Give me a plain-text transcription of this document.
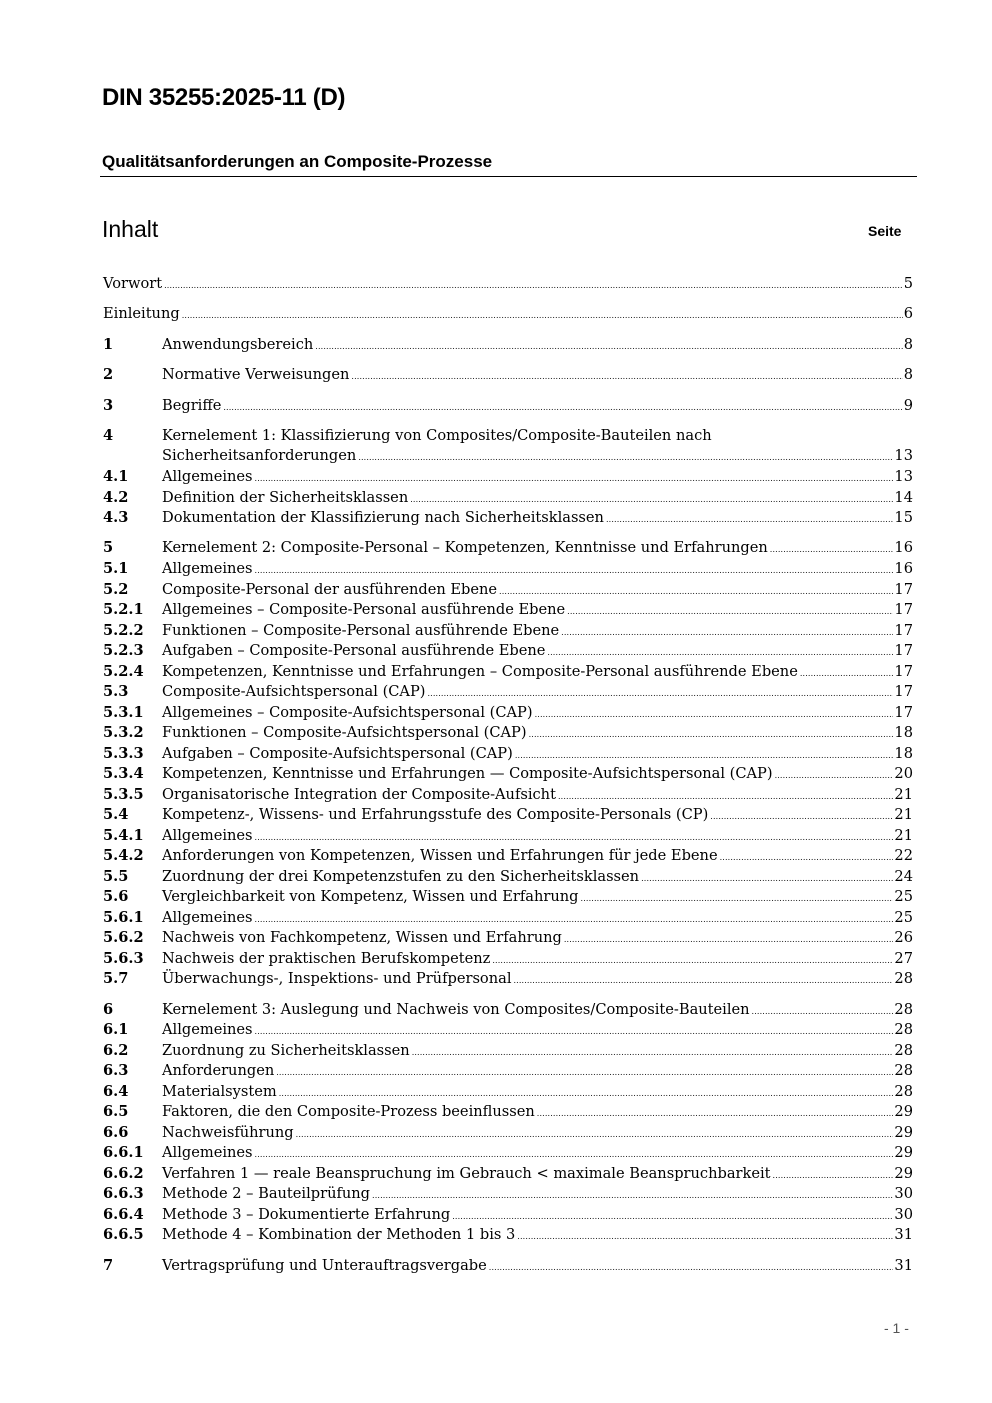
DIN 35255:2025-11 (D)
Qualitätsanforderungen an Composite-Prozesse
Inhalt	Seite
Vorwort . . .	5
Einleitung . . .	6
1	Anwendungsbereich . . .	8
2	Normative Verweisungen . . .	8
3	Begriffe . . .	9
4	Kernelement 1: Klassifizierung von Composites/Composite-Bauteilen nach
Sicherheitsanforderungen . . .	13
4.1 Allgemeines . . .	13
4.2 Definition der Sicherheitsklassen . . .	14
4.3 Dokumentation der Klassifizierung nach Sicherheitsklassen . . .	15
5	Kernelement 2: Composite-Personal – Kompetenzen, Kenntnisse und Erfahrungen . . .	16
5.1 Allgemeines . . .	16
5.2 Composite-Personal der ausführenden Ebene . . .	17
5.2.1 Allgemeines – Composite-Personal ausführende Ebene . . .	17
5.2.2 Funktionen – Composite-Personal ausführende Ebene . . .	17
5.2.3 Aufgaben – Composite-Personal ausführende Ebene . . .	17
5.2.4 Kompetenzen, Kenntnisse und Erfahrungen – Composite-Personal ausführende Ebene . . .	17
5.3 Composite-Aufsichtspersonal (CAP) . . .	17
5.3.1 Allgemeines – Composite-Aufsichtspersonal (CAP) . . .	17
5.3.2 Funktionen – Composite-Aufsichtspersonal (CAP) . . .	18
5.3.3 Aufgaben – Composite-Aufsichtspersonal (CAP) . . .	18
5.3.4 Kompetenzen, Kenntnisse und Erfahrungen — Composite-Aufsichtspersonal (CAP) . . .	20
5.3.5 Organisatorische Integration der Composite-Aufsicht . . .	21
5.4 Kompetenz-, Wissens- und Erfahrungsstufe des Composite-Personals (CP) . . .	21
5.4.1 Allgemeines . . .	21
5.4.2 Anforderungen von Kompetenzen, Wissen und Erfahrungen für jede Ebene . . .	22
5.5 Zuordnung der drei Kompetenzstufen zu den Sicherheitsklassen . . .	24
5.6 Vergleichbarkeit von Kompetenz, Wissen und Erfahrung . . .	25
5.6.1 Allgemeines . . .	25
5.6.2 Nachweis von Fachkompetenz, Wissen und Erfahrung . . .	26
5.6.3 Nachweis der praktischen Berufskompetenz . . .	27
5.7 Überwachungs-, Inspektions- und Prüfpersonal . . .	28
6	Kernelement 3: Auslegung und Nachweis von Composites/Composite-Bauteilen . . .	28
6.1 Allgemeines . . .	28
6.2 Zuordnung zu Sicherheitsklassen . . .	28
6.3 Anforderungen . . .	28
6.4 Materialsystem . . .	28
6.5 Faktoren, die den Composite-Prozess beeinflussen . . .	29
6.6 Nachweisführung . . .	29
6.6.1 Allgemeines . . .	29
6.6.2 Verfahren 1 — reale Beanspruchung im Gebrauch < maximale Beanspruchbarkeit . . .	29
6.6.3 Methode 2 – Bauteilprüfung . . .	30
6.6.4 Methode 3 – Dokumentierte Erfahrung . . .	30
6.6.5 Methode 4 – Kombination der Methoden 1 bis 3 . . .	31
7	Vertragsprüfung und Unterauftragsvergabe . . .	31
- 1 -
